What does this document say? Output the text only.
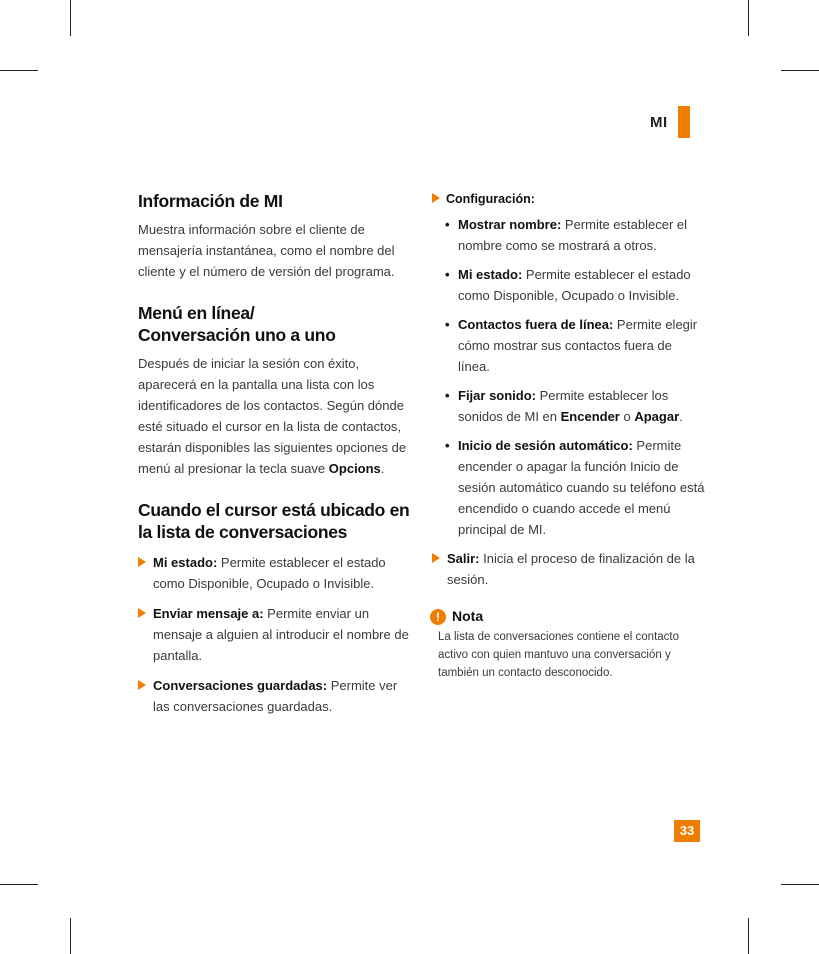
MI
Información de MI

Muestra información sobre el cliente de mensajería instantánea, como el nombre del cliente y el número de versión del programa.

Menú en línea/
Conversación uno a uno

Después de iniciar la sesión con éxito, aparecerá en la pantalla una lista con los identificadores de los contactos. Según dónde esté situado el cursor en la lista de contactos, estarán disponibles las siguientes opciones de menú al presionar la tecla suave Opcions.

Cuando el cursor está ubicado en la lista de conversaciones
Mi estado: Permite establecer el estado como Disponible, Ocupado o Invisible.
Enviar mensaje a: Permite enviar un mensaje a alguien al introducir el nombre de pantalla.
Conversaciones guardadas: Permite ver las conversaciones guardadas.
Configuración:
• Mostrar nombre: Permite establecer el nombre como se mostrará a otros.
• Mi estado: Permite establecer el estado como Disponible, Ocupado o Invisible.
• Contactos fuera de línea: Permite elegir cómo mostrar sus contactos fuera de línea.
• Fijar sonido: Permite establecer los sonidos de MI en Encender o Apagar.
• Inicio de sesión automático: Permite encender o apagar la función Inicio de sesión automático cuando su teléfono está encendido o cuando accede el menú principal de MI.
Salir: Inicia el proceso de finalización de la sesión.
! Nota

La lista de conversaciones contiene el contacto activo con quien mantuvo una conversación y también un contacto desconocido.

33
